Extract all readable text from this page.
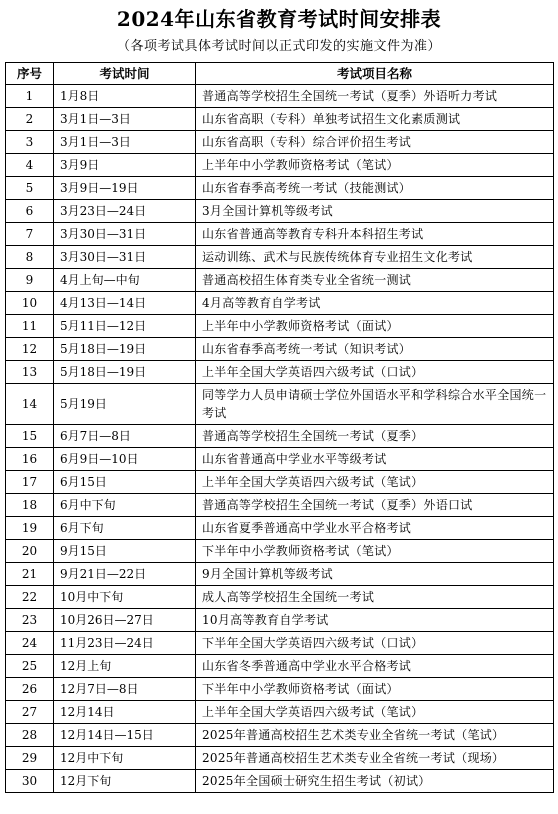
2024年山东省教育考试时间安排表
（各项考试具体考试时间以正式印发的实施文件为准）
序号	考试时间	考试项目名称
1	1月8日	普通高等学校招生全国统一考试（夏季）外语听力考试
2	3月1日—3日	山东省高职（专科）单独考试招生文化素质测试
3	3月1日—3日	山东省高职（专科）综合评价招生考试
4	3月9日	上半年中小学教师资格考试（笔试）
5	3月9日—19日	山东省春季高考统一考试（技能测试）
6	3月23日—24日	3月全国计算机等级考试
7	3月30日—31日	山东省普通高等教育专科升本科招生考试
8	3月30日—31日	运动训练、武术与民族传统体育专业招生文化考试
9	4月上旬—中旬	普通高校招生体育类专业全省统一测试
10	4月13日—14日	4月高等教育自学考试
11	5月11日—12日	上半年中小学教师资格考试（面试）
12	5月18日—19日	山东省春季高考统一考试（知识考试）
13	5月18日—19日	上半年全国大学英语四六级考试（口试）
14	5月19日	同等学力人员申请硕士学位外国语水平和学科综合水平全国统一考试
15	6月7日—8日	普通高等学校招生全国统一考试（夏季）
16	6月9日—10日	山东省普通高中学业水平等级考试
17	6月15日	上半年全国大学英语四六级考试（笔试）
18	6月中下旬	普通高等学校招生全国统一考试（夏季）外语口试
19	6月下旬	山东省夏季普通高中学业水平合格考试
20	9月15日	下半年中小学教师资格考试（笔试）
21	9月21日—22日	9月全国计算机等级考试
22	10月中下旬	成人高等学校招生全国统一考试
23	10月26日—27日	10月高等教育自学考试
24	11月23日—24日	下半年全国大学英语四六级考试（口试）
25	12月上旬	山东省冬季普通高中学业水平合格考试
26	12月7日—8日	下半年中小学教师资格考试（面试）
27	12月14日	上半年全国大学英语四六级考试（笔试）
28	12月14日—15日	2025年普通高校招生艺术类专业全省统一考试（笔试）
29	12月中下旬	2025年普通高校招生艺术类专业全省统一考试（现场）
30	12月下旬	2025年全国硕士研究生招生考试（初试）
